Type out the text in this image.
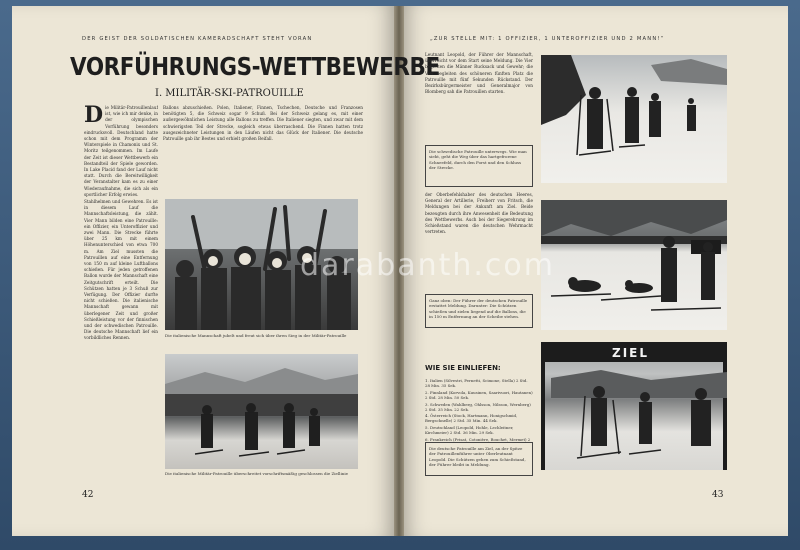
DER GEIST DER SOLDATISCHEN KAMERADSCHAFT STEHT VORAN
VORFÜHRUNGS-WETTBEWERBE
I. MILITÄR-SKI-PATROUILLE
D ie Militär-Patrouillenlauf ist, wie ich mir denke, in der olympischen Vorführung besonders eindrucksvoll. Deutschland hatte schon mit dem Programm der Winterspiele in Chamonix und St. Moritz teilgenommen. Im Laufe der Zeit ist dieser Wettbewerb ein Bestandteil der Spiele geworden. In Lake Placid fand der Lauf nicht statt. Durch die Bereitwilligkeit der Veranstalter kam es zu einer Wiederaufnahme, die sich als ein sportlicher Erfolg erwies.
Ballons abzuschießen. Polen, Italiener, Finnen, Tschechen, Deutsche und Franzosen benötigten 5, die Schweiz sogar 9 Schuß. Bei der Schweiz gelang es, mit einer außergewöhnlichen Leistung alle Ballons zu treffen. Die Italiener siegten, und zwar mit dem schwierigsten Teil der Strecke, sogleich etwas überraschend. Die Finnen hatten trotz ausgezeichneter Leistungen in den Läufen nicht das Glück der Italiener. Die deutsche Patrouille gab ihr Bestes und erhielt großen Beifall.
Stahlhelmen und Gewehren. Es ist in diesem Lauf die Mannschaftsleistung, die zählt. Vier Mann bilden eine Patrouille: ein Offizier, ein Unteroffizier und zwei Mann. Die Strecke führte über 25 km mit einem Höhenunterschied von etwa 700 m. Am Ziel mussten die Patrouillen auf eine Entfernung von 150 m auf kleine Luftballons schießen. Für jeden getroffenen Ballon wurde der Mannschaft eine Zeitgutschrift erteilt. Die Schützen hatten je 3 Schuß zur Verfügung. Der Offizier durfte nicht schießen. Die italienische Mannschaft gewann mit überlegener Zeit und großer Schießleistung vor der finnischen und der schwedischen Patrouille. Die deutsche Mannschaft lief ein vorbildliches Rennen.	Die italienische Mannschaft jubelt und freut sich über ihren Sieg in der Militär-Patrouille
Die italienische Militär-Patrouille überschreitet vorschriftsmäßig geschlossen die Ziellinie
42
„ZUR STELLE MIT: 1 OFFIZIER, 1 UNTEROFFIZIER UND 2 MANN!“
Leutnant Leopold, der Führer der Mannschaft, überreicht vor dem Start seine Meldung. Die Vier begleiten die Männer Rucksack und Gewehr; die Vier begleiten des schöneren fünften Platz die Patrouille mit fünf Sekunden Rückstand. Der Bezirksbürgermeister und Generalmajor von Blomberg sah die Patrouillen starten.
Die schwedische Patrouille unterwegs. Wie man sieht, geht die Weg über das hartgefrorene Schneefeld, durch den Forst und den Schluss der Strecke.
der Oberbefehlshaber des deutschen Heeres, General der Artillerie, Freiherr von Fritsch, die Meldungen bei der Ankunft am Ziel. Beide bezeugten durch ihre Anwesenheit die Bedeutung des Wettbewerbs. Auch bei der Siegerehrung im Schießstand waren die deutschen Wehrmacht vertreten.
Ganz oben: Der Führer der deutschen Patrouille erstattet Meldung. Darunter: Die Schützen schießen und zielen liegend auf die Ballons, die in 150 m Entfernung an der Scheibe stehen.
WIE SIE EINLIEFEN:
1. Italien (Silvestri, Pernetti, Scimone, Stella) 2 Std. 28 Min. 35 Sek.
2. Finnland (Korvola, Kuusinen, Saarivuori, Hautanen) 2 Std. 28 Min. 50 Sek.
3. Schweden (Wahlberg, Ohlsson, Nilsson, Wernberg) 2 Std. 35 Min. 22 Sek.
4. Österreich (Stock, Hartmann, Honigschmid, Bergschnelle) 2 Std. 35 Min. 44 Sek.
5. Deutschland (Leopold, Hohle, Lechleitner, Kirchmeier) 2 Std. 36 Min. 29 Sek.
6. Frankreich (Frisat, Cotonière, Bouchet, Mermet) 2
Die deutsche Patrouille am Ziel, an der Spitze der Patrouillenführer unter Oberleutnant Leopold. Die Schützen gehen zum Schießstand, der Führer bleibt in Meldung.
ZIEL
43
darabanth.com
